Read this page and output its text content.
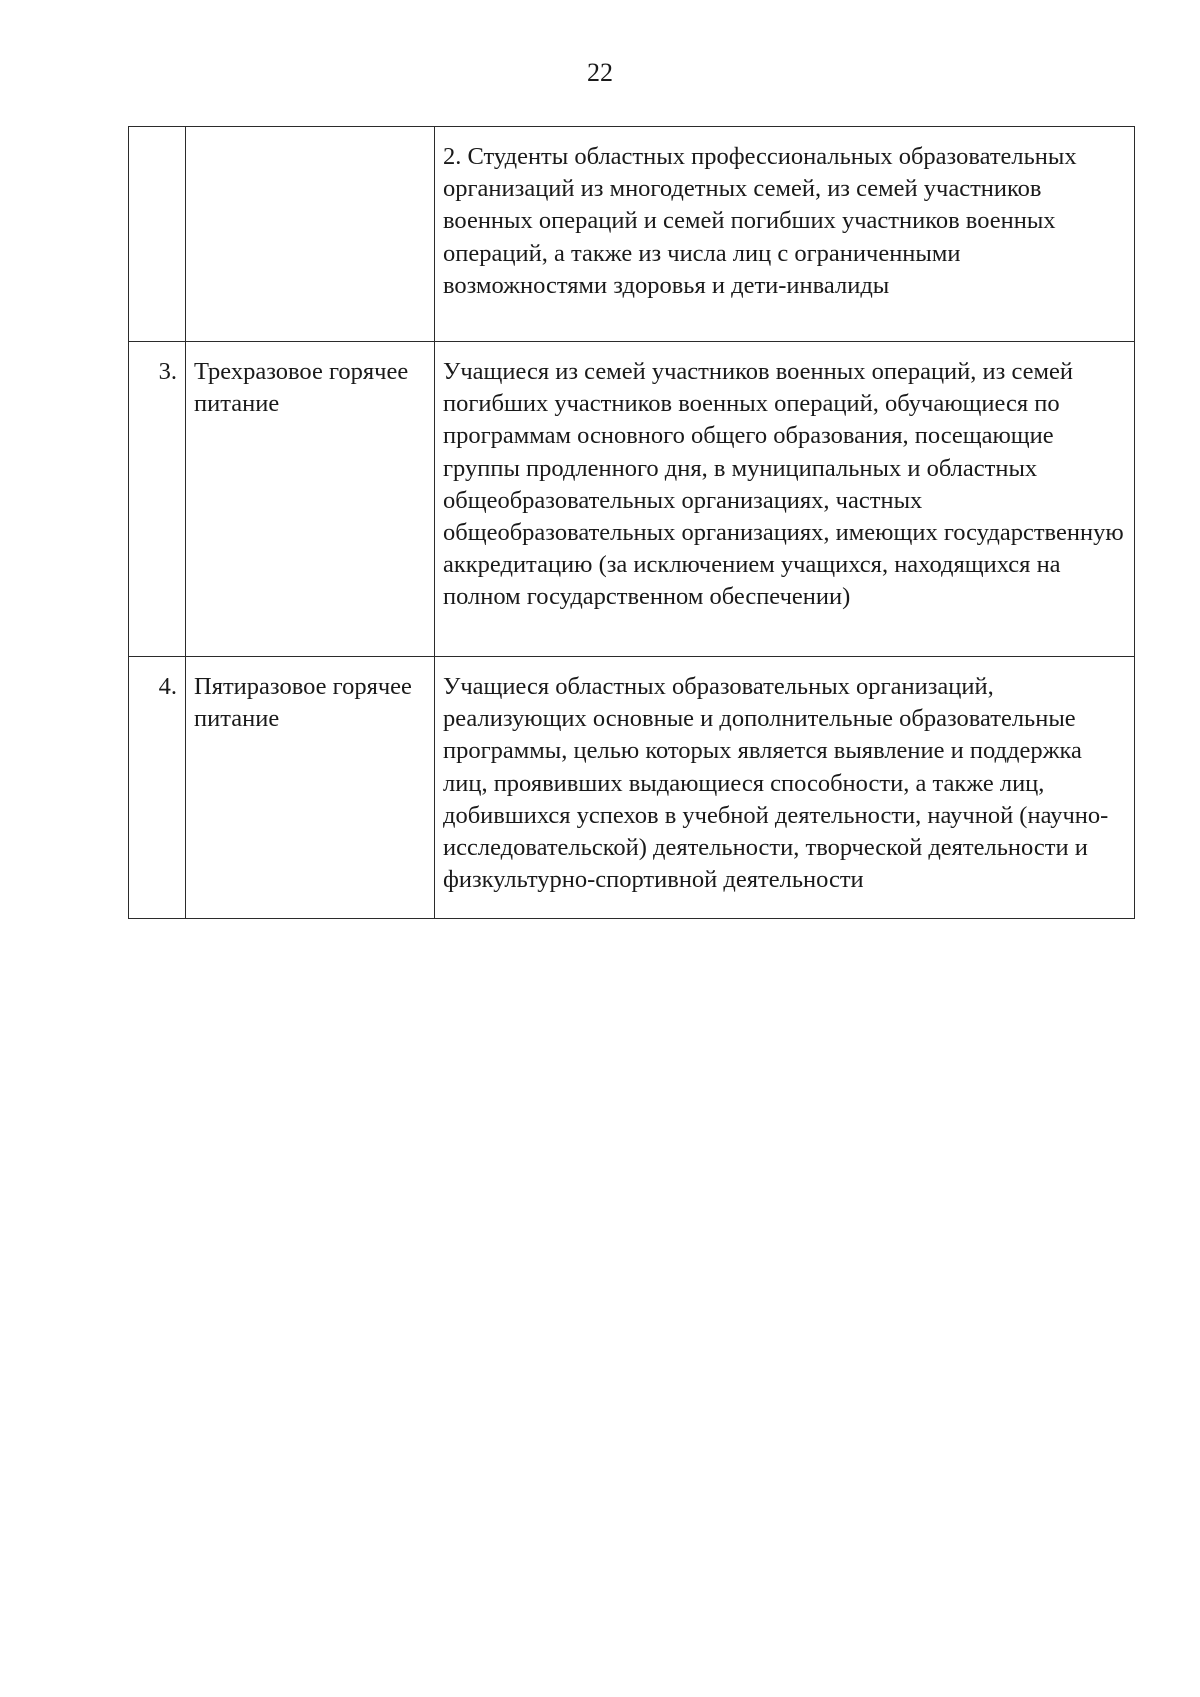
22
		2. Студенты областных профессиональных образовательных организаций из многодетных семей, из семей участников военных операций и семей погибших участников военных операций, а также из числа лиц с ограниченными возможностями здоровья и дети-инвалиды
3.	Трехразовое горячее питание	Учащиеся из семей участников военных операций, из семей погибших участников военных операций, обучающиеся по программам основного общего образования, посещающие группы продленного дня, в муниципальных и областных общеобразовательных организациях, частных общеобразовательных организациях, имеющих государственную аккредитацию (за исключением учащихся, находящихся на полном государственном обеспечении)
4.	Пятиразовое горячее питание	Учащиеся областных образовательных организаций, реализующих основные и дополнительные образовательные программы, целью которых является выявление и поддержка лиц, проявивших выдающиеся способности, а также лиц, добившихся успехов в учебной деятельности, научной (научно-исследовательской) деятельности, творческой деятельности и физкультурно-спортивной деятельности
